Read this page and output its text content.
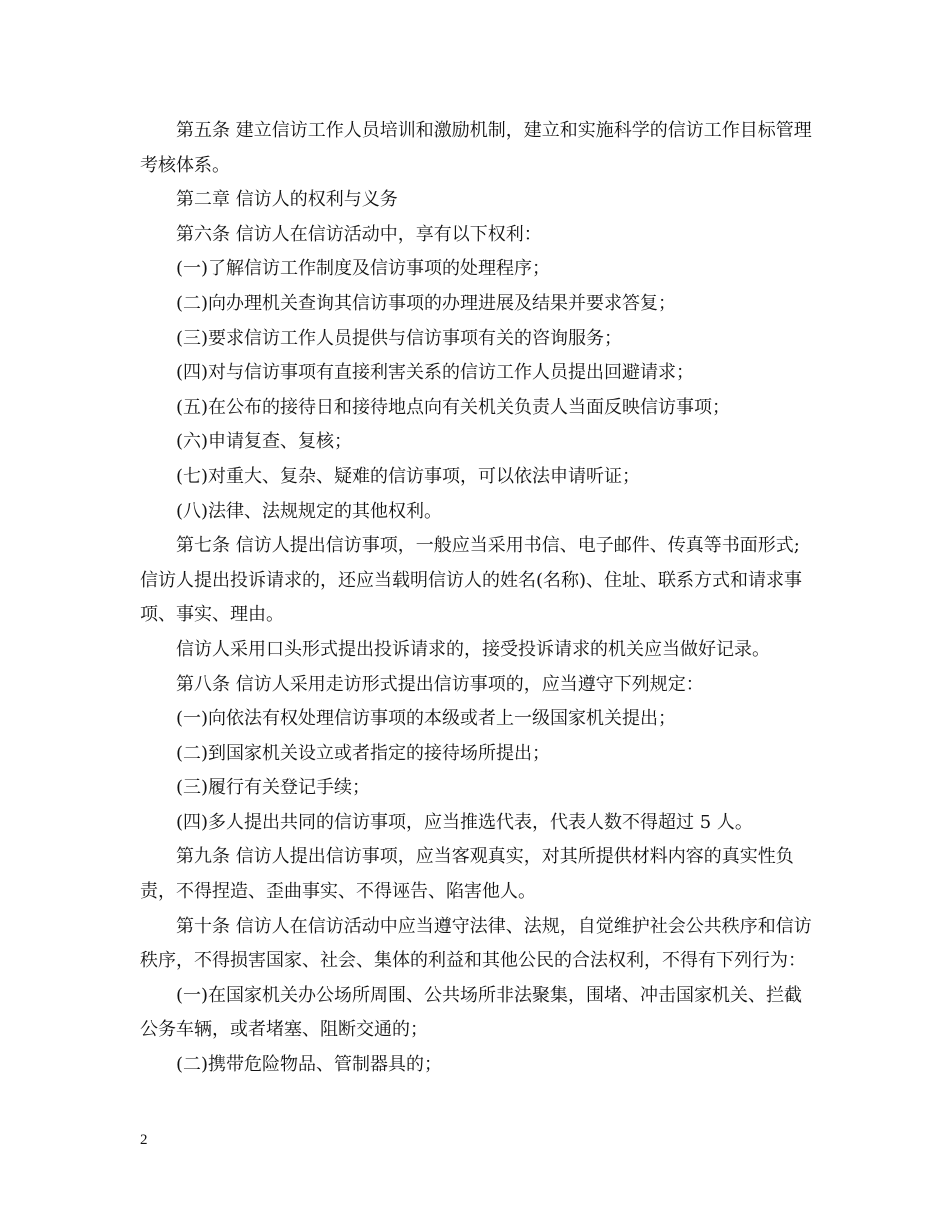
第五条 建立信访工作人员培训和激励机制，建立和实施科学的信访工作目标管理考核体系。

第二章 信访人的权利与义务

第六条 信访人在信访活动中，享有以下权利：

(一)了解信访工作制度及信访事项的处理程序；

(二)向办理机关查询其信访事项的办理进展及结果并要求答复；

(三)要求信访工作人员提供与信访事项有关的咨询服务；

(四)对与信访事项有直接利害关系的信访工作人员提出回避请求；

(五)在公布的接待日和接待地点向有关机关负责人当面反映信访事项；

(六)申请复查、复核；

(七)对重大、复杂、疑难的信访事项，可以依法申请听证；

(八)法律、法规规定的其他权利。

第七条 信访人提出信访事项，一般应当采用书信、电子邮件、传真等书面形式;信访人提出投诉请求的，还应当载明信访人的姓名(名称)、住址、联系方式和请求事项、事实、理由。

信访人采用口头形式提出投诉请求的，接受投诉请求的机关应当做好记录。

第八条 信访人采用走访形式提出信访事项的，应当遵守下列规定：

(一)向依法有权处理信访事项的本级或者上一级国家机关提出；

(二)到国家机关设立或者指定的接待场所提出；

(三)履行有关登记手续；

(四)多人提出共同的信访事项，应当推选代表，代表人数不得超过 5 人。

第九条 信访人提出信访事项，应当客观真实，对其所提供材料内容的真实性负责，不得捏造、歪曲事实、不得诬告、陷害他人。

第十条 信访人在信访活动中应当遵守法律、法规，自觉维护社会公共秩序和信访秩序，不得损害国家、社会、集体的利益和其他公民的合法权利，不得有下列行为：

(一)在国家机关办公场所周围、公共场所非法聚集，围堵、冲击国家机关、拦截公务车辆，或者堵塞、阻断交通的；

(二)携带危险物品、管制器具的；

2
